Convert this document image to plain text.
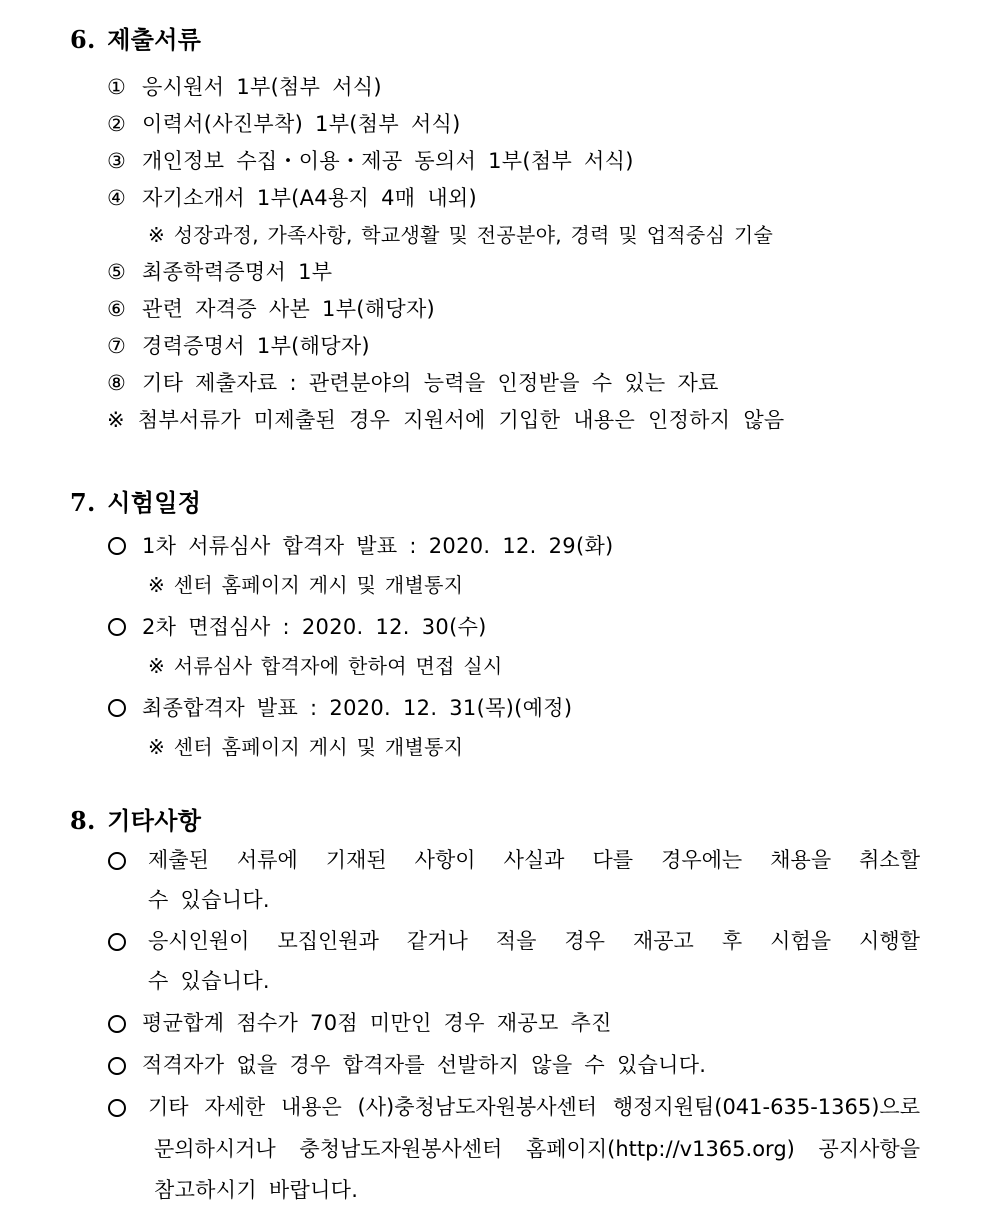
6. 제출서류
① 응시원서 1부(첨부 서식)
② 이력서(사진부착) 1부(첨부 서식)
③ 개인정보 수집・이용・제공 동의서 1부(첨부 서식)
④ 자기소개서 1부(A4용지 4매 내외)
※ 성장과정, 가족사항, 학교생활 및 전공분야, 경력 및 업적중심 기술
⑤ 최종학력증명서 1부
⑥ 관련 자격증 사본 1부(해당자)
⑦ 경력증명서 1부(해당자)
⑧ 기타 제출자료 : 관련분야의 능력을 인정받을 수 있는 자료
※ 첨부서류가 미제출된 경우 지원서에 기입한 내용은 인정하지 않음
7. 시험일정
1차 서류심사 합격자 발표 : 2020. 12. 29(화)
※ 센터 홈페이지 게시 및 개별통지
2차 면접심사 : 2020. 12. 30(수)
※ 서류심사 합격자에 한하여 면접 실시
최종합격자 발표 : 2020. 12. 31(목)(예정)
※ 센터 홈페이지 게시 및 개별통지
8. 기타사항
제출된 서류에 기재된 사항이 사실과 다를 경우에는 채용을 취소할
수 있습니다.
응시인원이 모집인원과 같거나 적을 경우 재공고 후 시험을 시행할
수 있습니다.
평균합계 점수가 70점 미만인 경우 재공모 추진
적격자가 없을 경우 합격자를 선발하지 않을 수 있습니다.
기타 자세한 내용은 (사)충청남도자원봉사센터 행정지원팀(041-635-1365)으로
문의하시거나 충청남도자원봉사센터 홈페이지(http://v1365.org) 공지사항을
참고하시기 바랍니다.
